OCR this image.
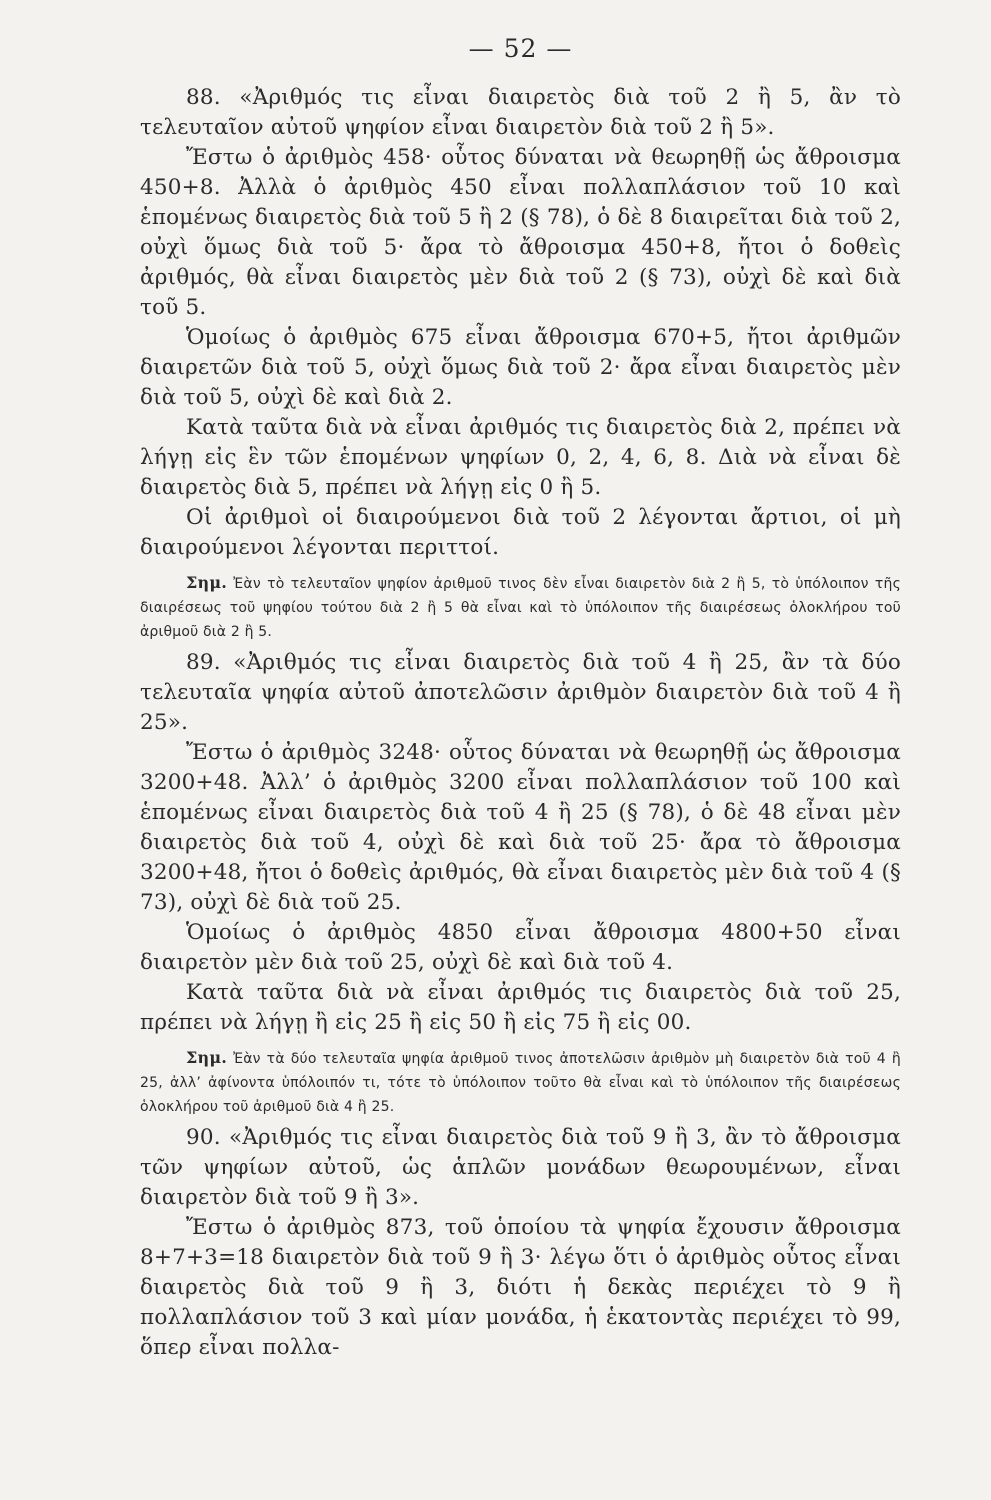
— 52 —

88. «Ἀριθμός τις εἶναι διαιρετὸς διὰ τοῦ 2 ἢ 5, ἂν τὸ τελευταῖον αὐτοῦ ψηφίον εἶναι διαιρετὸν διὰ τοῦ 2 ἢ 5».

Ἔστω ὁ ἀριθμὸς 458· οὗτος δύναται νὰ θεωρηθῇ ὡς ἄθροισμα 450+8. Ἀλλὰ ὁ ἀριθμὸς 450 εἶναι πολλαπλάσιον τοῦ 10 καὶ ἑπομένως διαιρετὸς διὰ τοῦ 5 ἢ 2 (§ 78), ὁ δὲ 8 διαιρεῖται διὰ τοῦ 2, οὐχὶ ὅμως διὰ τοῦ 5· ἄρα τὸ ἄθροισμα 450+8, ἤτοι ὁ δοθεὶς ἀριθμός, θὰ εἶναι διαιρετὸς μὲν διὰ τοῦ 2 (§ 73), οὐχὶ δὲ καὶ διὰ τοῦ 5.

Ὁμοίως ὁ ἀριθμὸς 675 εἶναι ἄθροισμα 670+5, ἤτοι ἀριθμῶν διαιρετῶν διὰ τοῦ 5, οὐχὶ ὅμως διὰ τοῦ 2· ἄρα εἶναι διαιρετὸς μὲν διὰ τοῦ 5, οὐχὶ δὲ καὶ διὰ 2.

Κατὰ ταῦτα διὰ νὰ εἶναι ἀριθμός τις διαιρετὸς διὰ 2, πρέπει νὰ λήγῃ εἰς ἓν τῶν ἑπομένων ψηφίων 0, 2, 4, 6, 8. Διὰ νὰ εἶναι δὲ διαιρετὸς διὰ 5, πρέπει νὰ λήγῃ εἰς 0 ἢ 5.

Οἱ ἀριθμοὶ οἱ διαιρούμενοι διὰ τοῦ 2 λέγονται ἄρτιοι, οἱ μὴ διαιρούμενοι λέγονται περιττοί.

Σημ. Ἐὰν τὸ τελευταῖον ψηφίον ἀριθμοῦ τινος δὲν εἶναι διαιρετὸν διὰ 2 ἢ 5, τὸ ὑπόλοιπον τῆς διαιρέσεως τοῦ ψηφίου τούτου διὰ 2 ἢ 5 θὰ εἶναι καὶ τὸ ὑπόλοιπον τῆς διαιρέσεως ὁλοκλήρου τοῦ ἀριθμοῦ διὰ 2 ἢ 5.

89. «Ἀριθμός τις εἶναι διαιρετὸς διὰ τοῦ 4 ἢ 25, ἂν τὰ δύο τελευταῖα ψηφία αὐτοῦ ἀποτελῶσιν ἀριθμὸν διαιρετὸν διὰ τοῦ 4 ἢ 25».

Ἔστω ὁ ἀριθμὸς 3248· οὗτος δύναται νὰ θεωρηθῇ ὡς ἄθροισμα 3200+48. Ἀλλ’ ὁ ἀριθμὸς 3200 εἶναι πολλαπλάσιον τοῦ 100 καὶ ἑπομένως εἶναι διαιρετὸς διὰ τοῦ 4 ἢ 25 (§ 78), ὁ δὲ 48 εἶναι μὲν διαιρετὸς διὰ τοῦ 4, οὐχὶ δὲ καὶ διὰ τοῦ 25· ἄρα τὸ ἄθροισμα 3200+48, ἤτοι ὁ δοθεὶς ἀριθμός, θὰ εἶναι διαιρετὸς μὲν διὰ τοῦ 4 (§ 73), οὐχὶ δὲ διὰ τοῦ 25.

Ὁμοίως ὁ ἀριθμὸς 4850 εἶναι ἄθροισμα 4800+50 εἶναι διαιρετὸν μὲν διὰ τοῦ 25, οὐχὶ δὲ καὶ διὰ τοῦ 4.

Κατὰ ταῦτα διὰ νὰ εἶναι ἀριθμός τις διαιρετὸς διὰ τοῦ 25, πρέπει νὰ λήγῃ ἢ εἰς 25 ἢ εἰς 50 ἢ εἰς 75 ἢ εἰς 00.

Σημ. Ἐὰν τὰ δύο τελευταῖα ψηφία ἀριθμοῦ τινος ἀποτελῶσιν ἀριθμὸν μὴ διαιρετὸν διὰ τοῦ 4 ἢ 25, ἀλλ’ ἀφίνοντα ὑπόλοιπόν τι, τότε τὸ ὑπόλοιπον τοῦτο θὰ εἶναι καὶ τὸ ὑπόλοιπον τῆς διαιρέσεως ὁλοκλήρου τοῦ ἀριθμοῦ διὰ 4 ἢ 25.

90. «Ἀριθμός τις εἶναι διαιρετὸς διὰ τοῦ 9 ἢ 3, ἂν τὸ ἄθροισμα τῶν ψηφίων αὐτοῦ, ὡς ἁπλῶν μονάδων θεωρουμένων, εἶναι διαιρετὸν διὰ τοῦ 9 ἢ 3».

Ἔστω ὁ ἀριθμὸς 873, τοῦ ὁποίου τὰ ψηφία ἔχουσιν ἄθροισμα 8+7+3=18 διαιρετὸν διὰ τοῦ 9 ἢ 3· λέγω ὅτι ὁ ἀριθμὸς οὗτος εἶναι διαιρετὸς διὰ τοῦ 9 ἢ 3, διότι ἡ δεκὰς περιέχει τὸ 9 ἢ πολλαπλάσιον τοῦ 3 καὶ μίαν μονάδα, ἡ ἑκατοντὰς περιέχει τὸ 99, ὅπερ εἶναι πολλα-
